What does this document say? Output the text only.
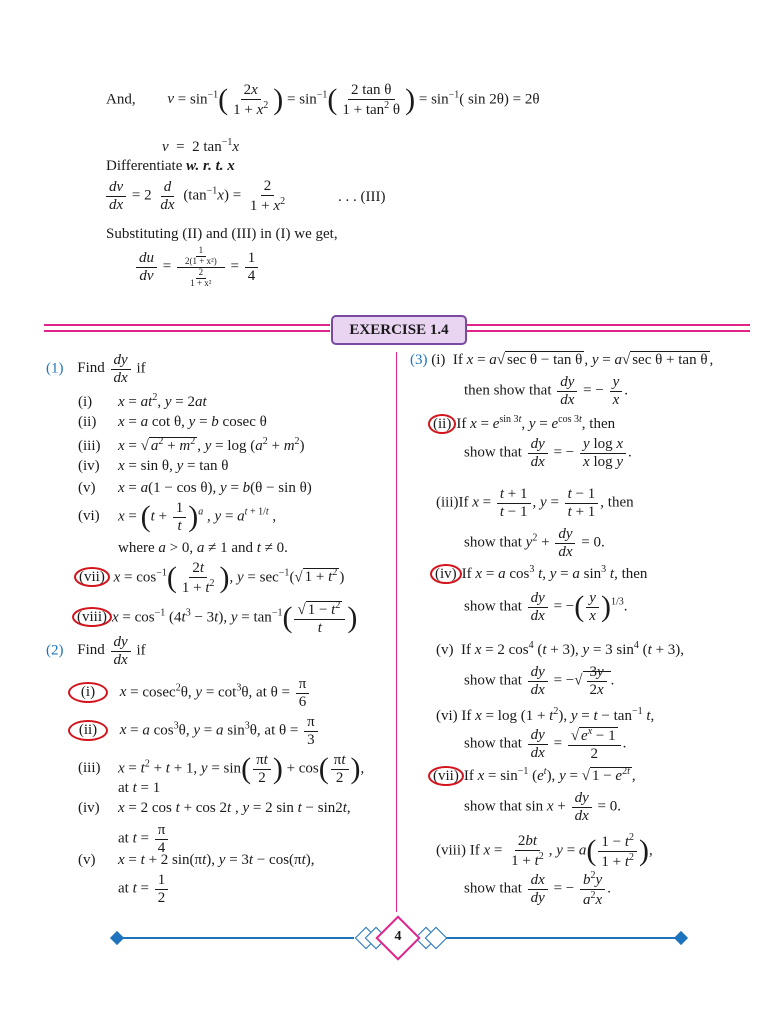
And, $v = \sin^{-1}( \frac{2x}{1 + x^2}$ ) = $\sin^{-1}( \frac{\text{2 tan θ}}{1 + \tan^2 \theta}$ ) = $\sin^{-1}$( sin 2θ) = 2θ
v  =  2 $\tan^{-1}x$
Differentiate w. r. t. x
$\frac{dv}{dx} = 2 \frac{d}{dx} (\tan^{-1}x) = \frac{2}{1 + x^2}$	. . . (III)
Substituting (II) and (III) in (I) we get,
$\frac{du}{dv} = \frac{\frac{1}{\text{2(1 + x²)}}}{\frac{2}{\text{1 + x²}}} = \frac{1}{4}$
EXERCISE 1.4
(1) Find $\frac{dy}{dx}$ if
(i) $x = at^2$, y = 2at
(ii) x = a cot θ, y = b cosec θ
(iii) x = √ $a^2 + m^2$ , $y = \log (a^2 + m^2)$
(iv) x = sin θ, y = tan θ
(v) x = a(1 − cos θ), y = b(θ − sin θ)
(vi) $x = (t + \frac{1}{t} )^a$ , $y = a^{t + 1/t}$ ,
where a > 0, a ≠ 1 and t ≠ 0.
(vii) $x = \cos^{-1}( \frac{2t}{1 + t^2}$ ), $y = \sec^{-1}(√$ $1 + t^2$ )
(viii) $x = \cos^{-1} (4t^3 - 3t)$, $y = \tan^{-1}( \frac{√ 1 - t^2}{t}$ )
(2) Find $\frac{dy}{dx}$ if
(i) x = cosec$^2$θ, $y = \cot^3\theta$, at $\theta = \frac{\pi}{6}$
(ii) x = a $\cos^3\theta$, y = a $\sin^3\theta$, at $\theta = \frac{\pi}{3}$
(iii) $x = t^2 + t + 1$, $y = \sin( \frac{\pi t}{2}$ ) + $\cos( \frac{\pi t}{2}$ ),
at t = 1
(iv) x = 2 cos t + cos 2t , y = 2 sin t − sin2t,
at $t = \frac{\pi}{4}$
(v) x = t + 2 sin(πt), y = 3t − cos(πt),
at $t = \frac{1}{2}$
(3) (i)  If x = a√ sec θ − tan θ , y = a√ sec θ + tan θ ,
then show that $\frac{dy}{dx}$ = − $\frac{y}{x}$ .
(ii) If $x = e^{sin 3t}$, $y = e^{cos 3t}$, then
show that $\frac{dy}{dx}$ = − $\frac{\text{y log x}}{\text{x log y}}$ .
(iii)If $x = \frac{t + 1}{t - 1}$ , $y = \frac{t - 1}{t + 1}$ , then
show that $y^2 + \frac{dy}{dx} = 0$.
(iv) If x = a $\cos^3 t$, y = a $\sin^3 t$, then
show that $\frac{dy}{dx}$ = −( $\frac{y}{x} )^{1/3}$.
(v)  If x = 2 $\cos^4 (t + 3)$, y = 3 $\sin^4 (t + 3)$,
show that $\frac{dy}{dx}$ = −√ $\frac{3y}{2x}$ .
(vi) If $x = \log (1 + t^2)$, $y = t - \tan^{-1} t$,
show that $\frac{dy}{dx} = \frac{√ e^x - 1}{2}$ .
(vii) If $x = \sin^{-1} (e^t)$, y = √ $1 - e^{2t}$ ,
show that $\sin x + \frac{dy}{dx} = 0$.
(viii) If $x = \frac{2bt}{1 + t^2}$ , $y = a( \frac{1 - t^2}{1 + t^2}$ ),
show that $\frac{dx}{dy}$ = − $\frac{b^2y}{a^2x}$ .
4
